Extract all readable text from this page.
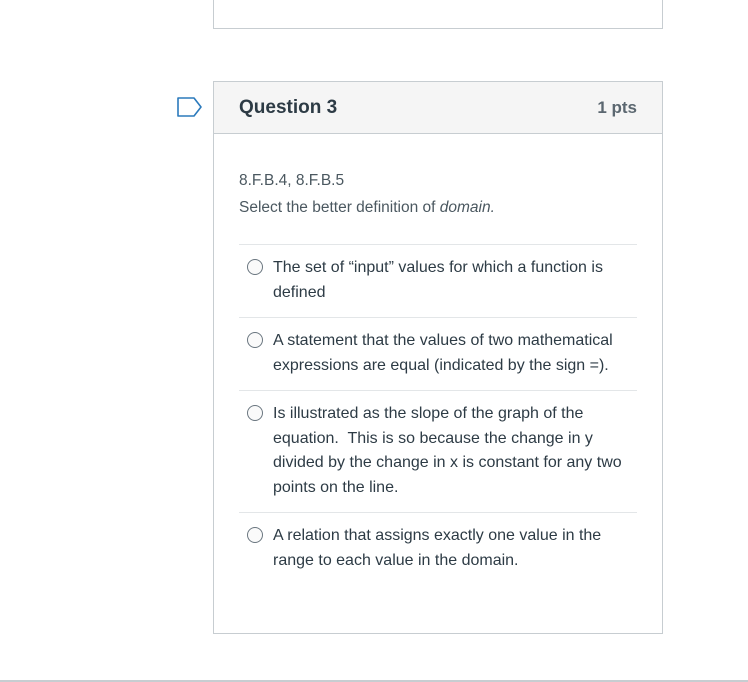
Question 3	1 pts
8.F.B.4, 8.F.B.5
Select the better definition of domain.
The set of “input” values for which a function is defined
A statement that the values of two mathematical expressions are equal (indicated by the sign =).
Is illustrated as the slope of the graph of the equation.  This is so because the change in y divided by the change in x is constant for any two points on the line.
A relation that assigns exactly one value in the range to each value in the domain.
